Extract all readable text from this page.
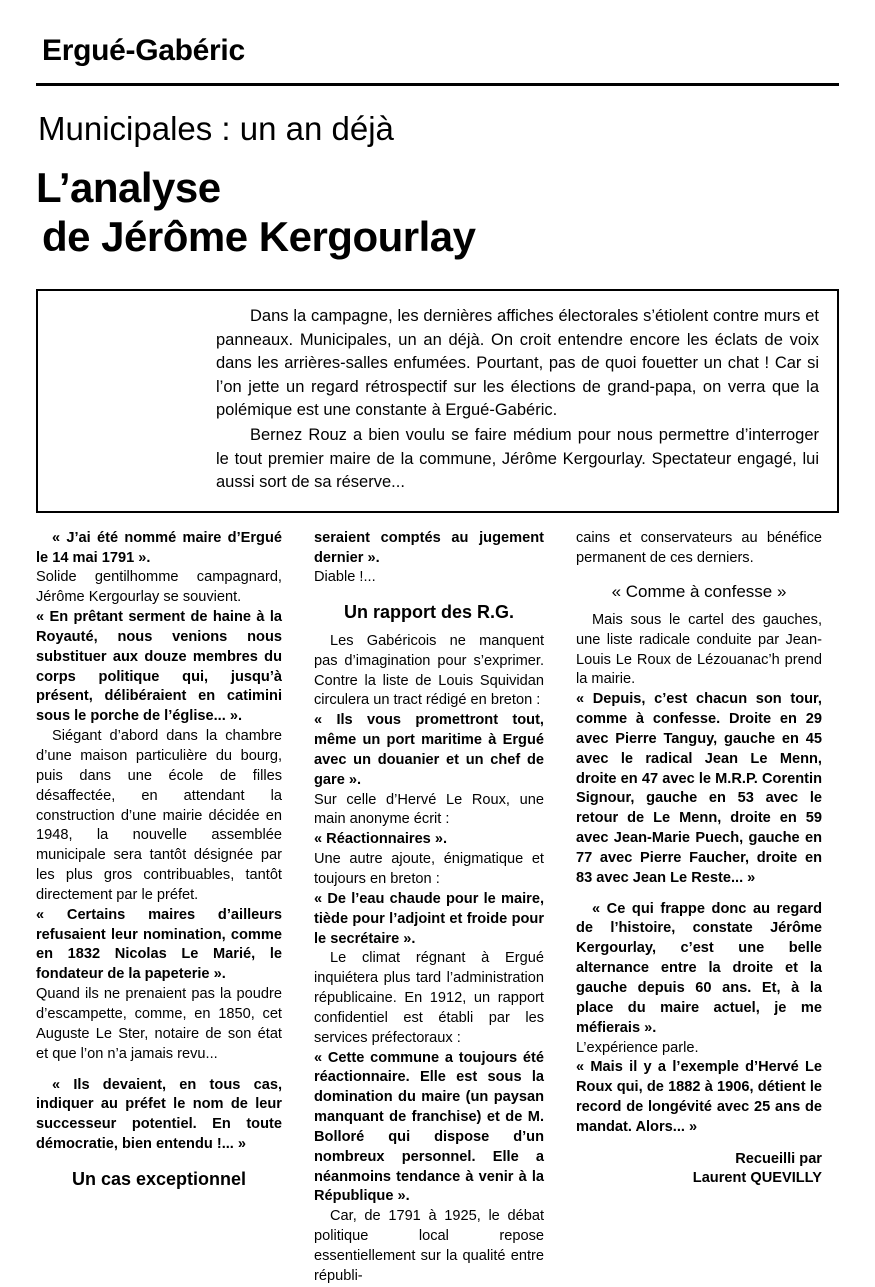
Ergué-Gabéric
Municipales : un an déjà
L’analyse
de Jérôme Kergourlay

Dans la campagne, les dernières affiches électorales s’étiolent contre murs et panneaux. Municipales, un an déjà. On croit entendre encore les éclats de voix dans les arrières-salles enfumées. Pourtant, pas de quoi fouetter un chat ! Car si l’on jette un regard rétrospectif sur les élections de grand-papa, on verra que la polémique est une constante à Ergué-Gabéric.

Bernez Rouz a bien voulu se faire médium pour nous permettre d’interroger le tout premier maire de la commune, Jérôme Kergourlay. Spectateur engagé, lui aussi sort de sa réserve...

« J’ai été nommé maire d’Ergué le 14 mai 1791 ».

Solide gentilhomme campagnard, Jérôme Kergourlay se souvient.

« En prêtant serment de haine à la Royauté, nous venions nous substituer aux douze membres du corps politique qui, jusqu’à présent, délibéraient en catimini sous le porche de l’église... ».

Siégant d’abord dans la chambre d’une maison particulière du bourg, puis dans une école de filles désaffectée, en attendant la construction d’une mairie décidée en 1948, la nouvelle assemblée municipale sera tantôt désignée par les plus gros contribuables, tantôt directement par le préfet.

« Certains maires d’ailleurs refusaient leur nomination, comme en 1832 Nicolas Le Marié, le fondateur de la papeterie ».

Quand ils ne prenaient pas la poudre d’escampette, comme, en 1850, cet Auguste Le Ster, notaire de son état et que l’on n’a jamais revu...

« Ils devaient, en tous cas, indiquer au préfet le nom de leur successeur potentiel. En toute démocratie, bien entendu !... »

Un cas exceptionnel

seraient comptés au jugement dernier ».

Diable !...

Un rapport des R.G.

Les Gabéricois ne manquent pas d’imagination pour s’exprimer. Contre la liste de Louis Squividan circulera un tract rédigé en breton :

« Ils vous promettront tout, même un port maritime à Ergué avec un douanier et un chef de gare ».

Sur celle d’Hervé Le Roux, une main anonyme écrit :

« Réactionnaires ».

Une autre ajoute, énigmatique et toujours en breton :

« De l’eau chaude pour le maire, tiède pour l’adjoint et froide pour le secrétaire ».

Le climat régnant à Ergué inquiétera plus tard l’administration républicaine. En 1912, un rapport confidentiel est établi par les services préfectoraux :

« Cette commune a toujours été réactionnaire. Elle est sous la domination du maire (un paysan manquant de franchise) et de M. Bolloré qui dispose d’un nombreux personnel. Elle a néanmoins tendance à venir à la République ».

Car, de 1791 à 1925, le débat politique local repose essentiellement sur la qualité entre républi-

cains et conservateurs au bénéfice permanent de ces derniers.

« Comme à confesse »

Mais sous le cartel des gauches, une liste radicale conduite par Jean-Louis Le Roux de Lézouanac’h prend la mairie.

« Depuis, c’est chacun son tour, comme à confesse. Droite en 29 avec Pierre Tanguy, gauche en 45 avec le radical Jean Le Menn, droite en 47 avec le M.R.P. Corentin Signour, gauche en 53 avec le retour de Le Menn, droite en 59 avec Jean-Marie Puech, gauche en 77 avec Pierre Faucher, droite en 83 avec Jean Le Reste... »

« Ce qui frappe donc au regard de l’histoire, constate Jérôme Kergourlay, c’est une belle alternance entre la droite et la gauche depuis 60 ans. Et, à la place du maire actuel, je me méfierais ».

L’expérience parle.

« Mais il y a l’exemple d’Hervé Le Roux qui, de 1882 à 1906, détient le record de longévité avec 25 ans de mandat. Alors... »

Recueilli par
Laurent QUEVILLY
